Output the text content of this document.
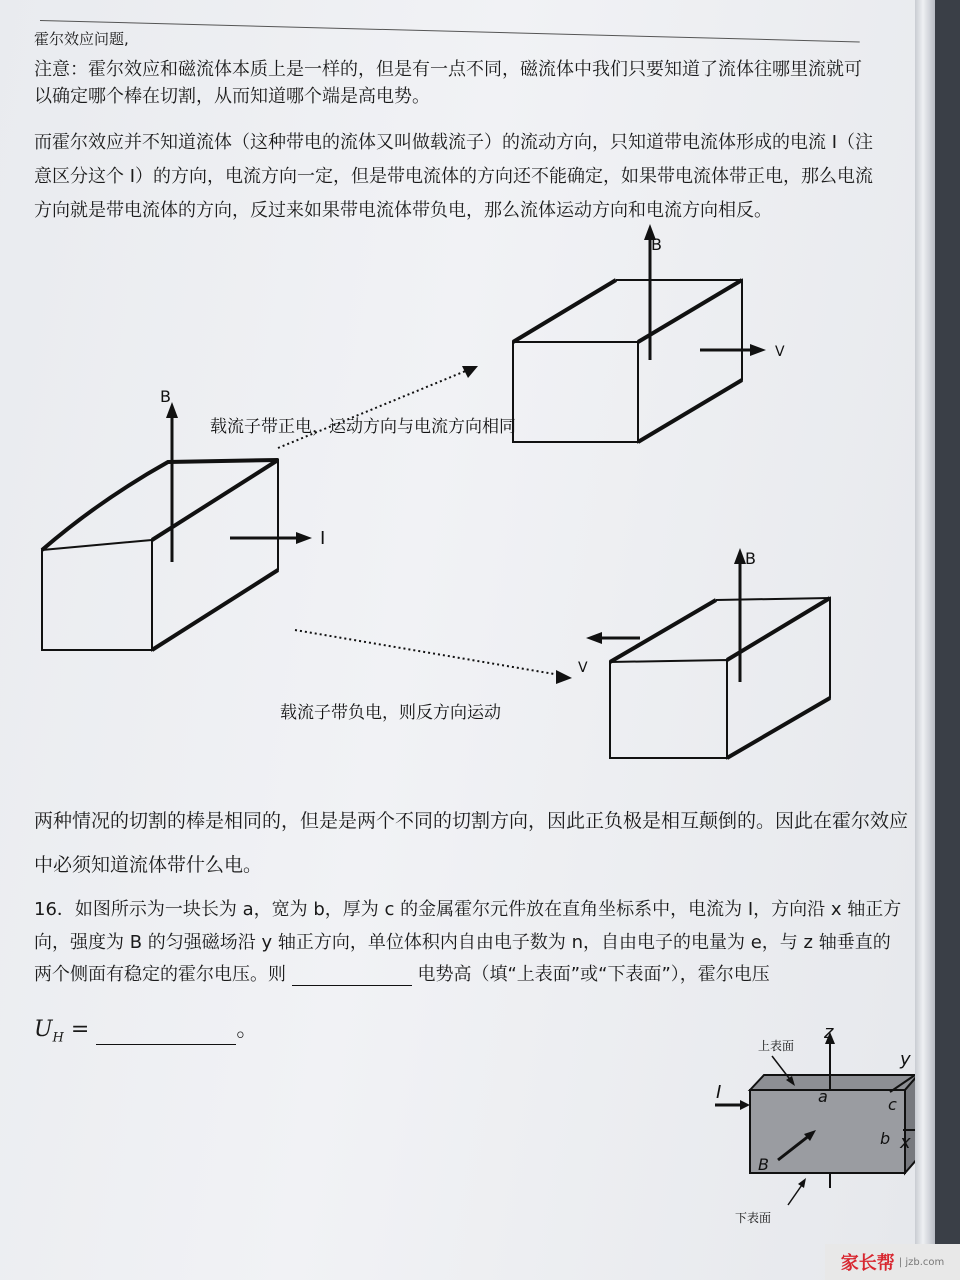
霍尔效应问题,
注意：霍尔效应和磁流体本质上是一样的，但是有一点不同，磁流体中我们只要知道了流体往哪里流就可
以确定哪个棒在切割，从而知道哪个端是高电势。
而霍尔效应并不知道流体（这种带电的流体又叫做载流子）的流动方向，只知道带电流体形成的电流 I（注
意区分这个 I）的方向，电流方向一定，但是带电流体的方向还不能确定，如果带电流体带正电，那么电流
方向就是带电流体的方向，反过来如果带电流体带负电，那么流体运动方向和电流方向相反。
B
I
载流子带正电，运动方向与电流方向相同
载流子带负电，则反方向运动
B
V
B
V
两种情况的切割的棒是相同的，但是是两个不同的切割方向，因此正负极是相互颠倒的。因此在霍尔效应
中必须知道流体带什么电。
16．如图所示为一块长为 a，宽为 b，厚为 c 的金属霍尔元件放在直角坐标系中，电流为 I，方向沿 x 轴正方
向，强度为 B 的匀强磁场沿 y 轴正方向，单位体积内自由电子数为 n，自由电子的电量为 e，与 z 轴垂直的
两个侧面有稳定的霍尔电压。则	电势高（填“上表面”或“下表面”），霍尔电压
$U_H$ =	。
上表面
下表面
z
y
x
I	a
b
c
B
家长帮 | jzb.com
